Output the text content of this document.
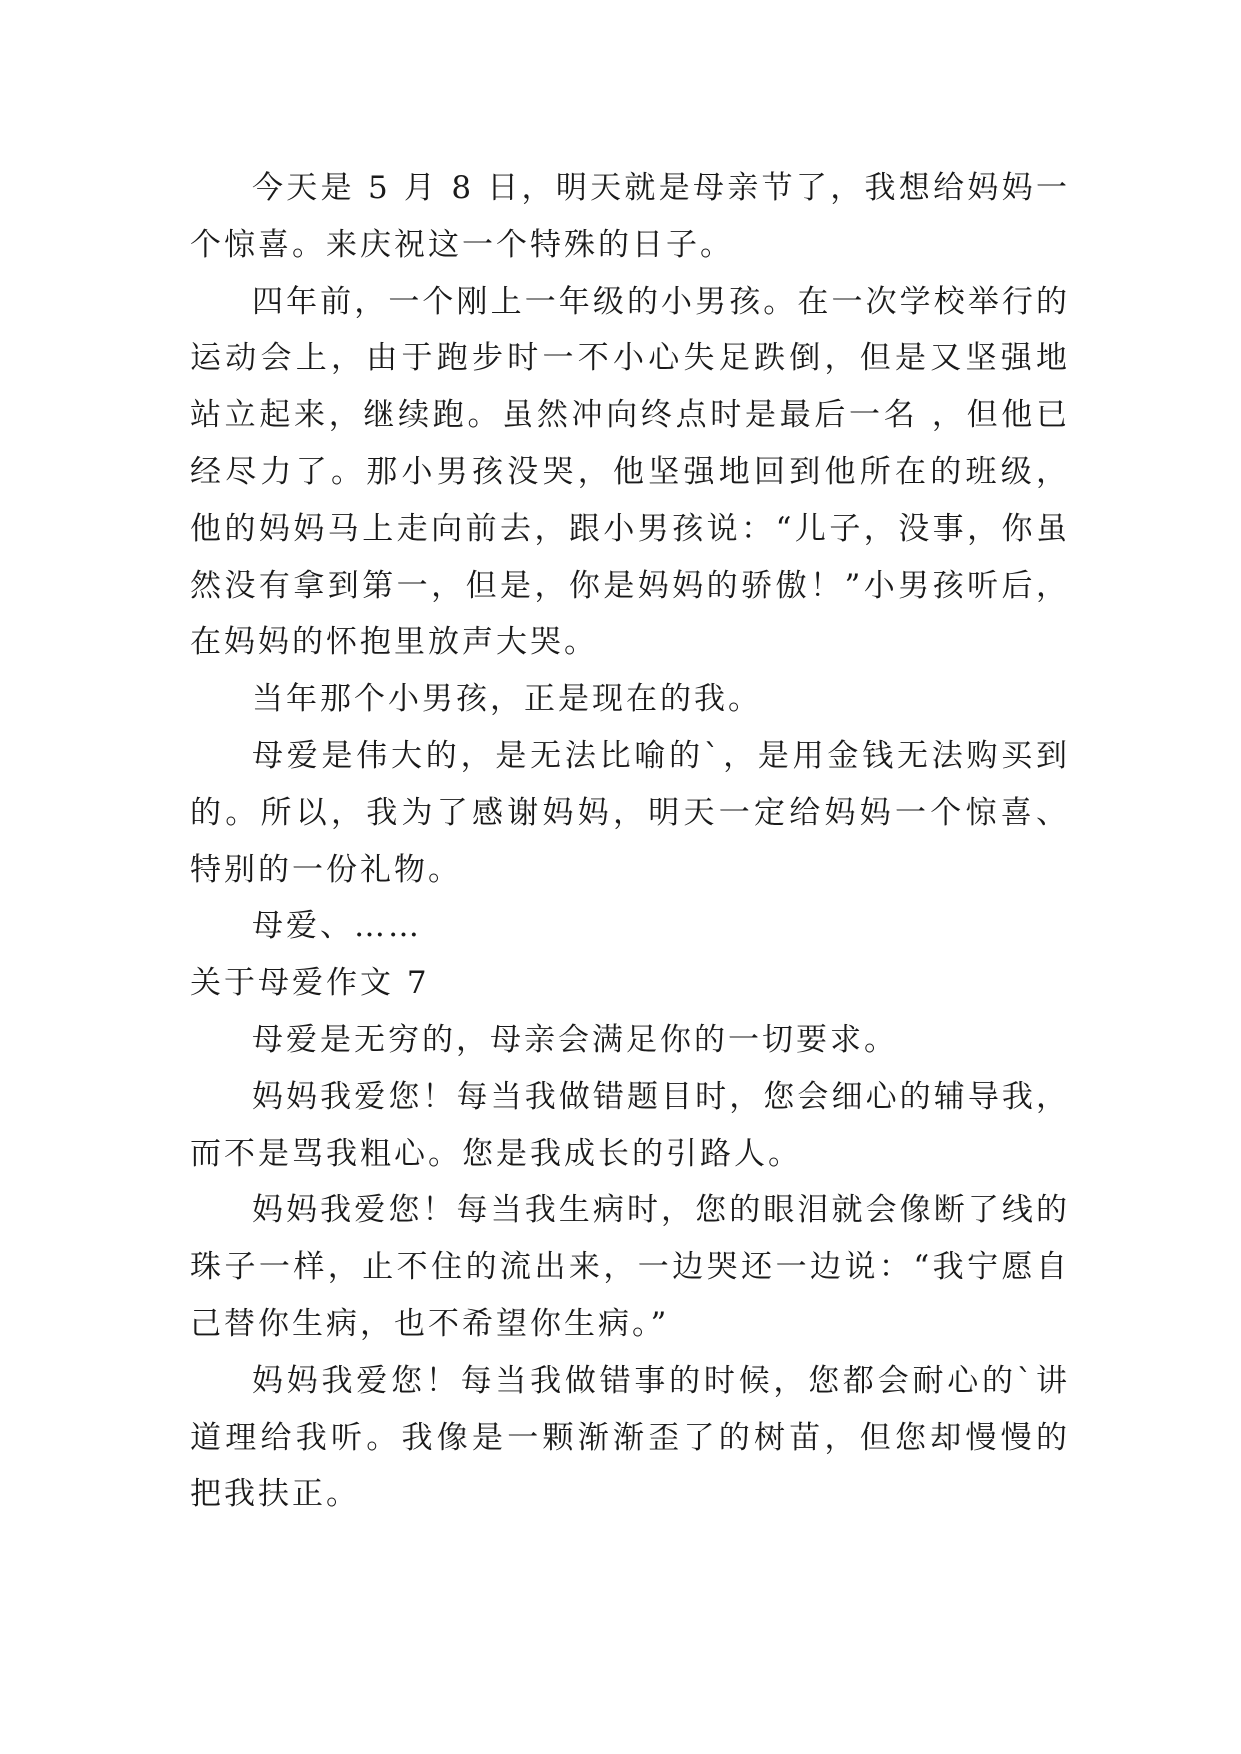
今天是 5 月 8 日，明天就是母亲节了，我想给妈妈一个惊喜。来庆祝这一个特殊的日子。

四年前，一个刚上一年级的小男孩。在一次学校举行的运动会上，由于跑步时一不小心失足跌倒，但是又坚强地站立起来，继续跑。虽然冲向终点时是最后一名 ，但他已经尽力了。那小男孩没哭，他坚强地回到他所在的班级，他的妈妈马上走向前去，跟小男孩说：“儿子，没事，你虽然没有拿到第一，但是，你是妈妈的骄傲！”小男孩听后，在妈妈的怀抱里放声大哭。

当年那个小男孩，正是现在的我。

母爱是伟大的，是无法比喻的`，是用金钱无法购买到的。所以，我为了感谢妈妈，明天一定给妈妈一个惊喜、特别的一份礼物。

母爱、……

关于母爱作文 7

母爱是无穷的，母亲会满足你的一切要求。

妈妈我爱您！每当我做错题目时，您会细心的辅导我，而不是骂我粗心。您是我成长的引路人。

妈妈我爱您！每当我生病时，您的眼泪就会像断了线的珠子一样，止不住的流出来，一边哭还一边说：“我宁愿自己替你生病，也不希望你生病。”

妈妈我爱您！每当我做错事的时候，您都会耐心的`讲道理给我听。我像是一颗渐渐歪了的树苗，但您却慢慢的把我扶正。
